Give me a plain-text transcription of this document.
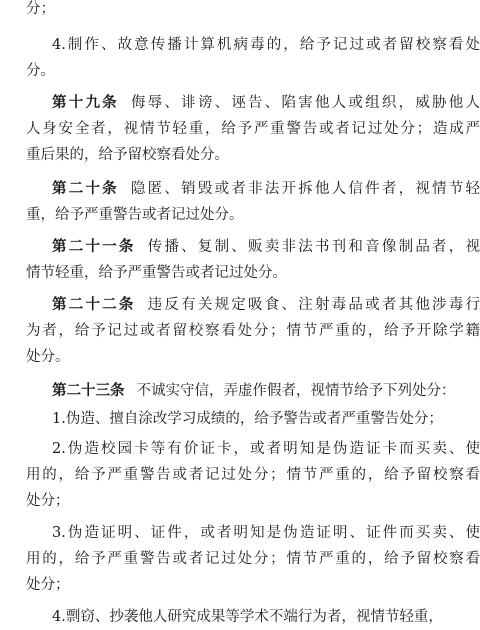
分；
4.制作、故意传播计算机病毒的，给予记过或者留校察看处
分。
第十九条 侮辱、诽谤、诬告、陷害他人或组织，威胁他人
人身安全者，视情节轻重，给予严重警告或者记过处分；造成严
重后果的，给予留校察看处分。
第二十条 隐匿、销毁或者非法开拆他人信件者，视情节轻
重，给予严重警告或者记过处分。
第二十一条 传播、复制、贩卖非法书刊和音像制品者，视
情节轻重，给予严重警告或者记过处分。
第二十二条 违反有关规定吸食、注射毒品或者其他涉毒行
为者，给予记过或者留校察看处分；情节严重的，给予开除学籍
处分。
第二十三条 不诚实守信，弄虚作假者，视情节给予下列处分：
1.伪造、擅自涂改学习成绩的，给予警告或者严重警告处分；
2.伪造校园卡等有价证卡，或者明知是伪造证卡而买卖、使
用的，给予严重警告或者记过处分；情节严重的，给予留校察看
处分；
3.伪造证明、证件，或者明知是伪造证明、证件而买卖、使
用的，给予严重警告或者记过处分；情节严重的，给予留校察看
处分；
4.剽窃、抄袭他人研究成果等学术不端行为者，视情节轻重，
